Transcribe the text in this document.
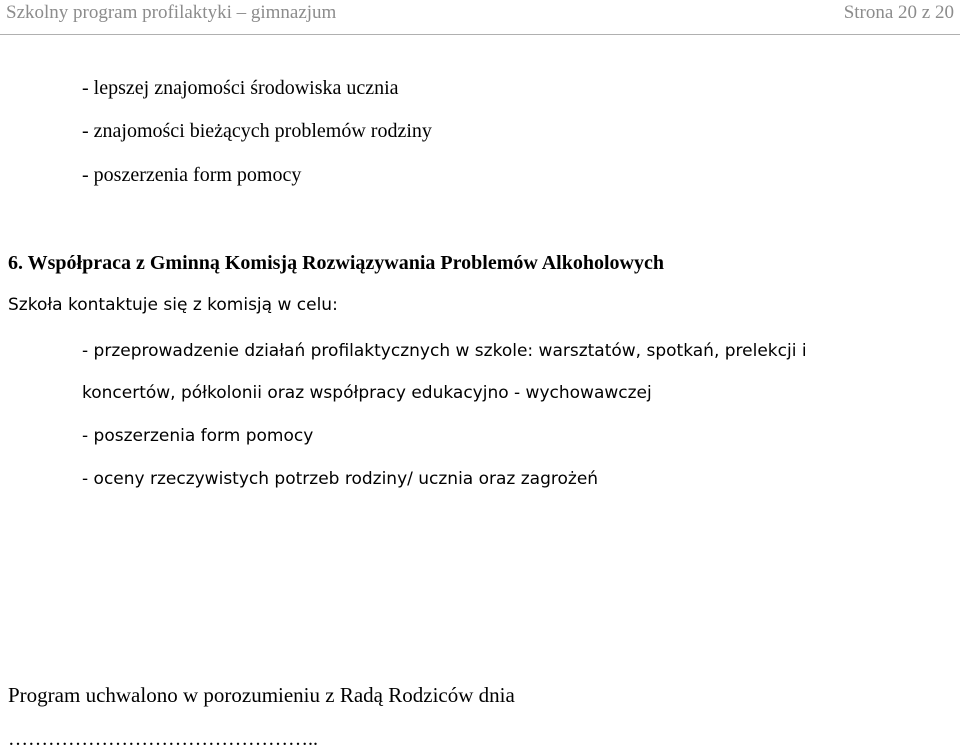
Szkolny program profilaktyki – gimnazjum	Strona 20 z 20
- lepszej znajomości środowiska ucznia
- znajomości bieżących problemów rodziny
- poszerzenia form pomocy
6. Współpraca z Gminną Komisją Rozwiązywania Problemów Alkoholowych
Szkoła kontaktuje się z komisją w celu:
- przeprowadzenie działań profilaktycznych w szkole: warsztatów, spotkań, prelekcji i
koncertów, półkolonii oraz współpracy edukacyjno - wychowawczej
- poszerzenia form pomocy
- oceny rzeczywistych potrzeb rodziny/ ucznia oraz zagrożeń
Program uchwalono w porozumieniu z Radą Rodziców dnia
………………………………………..
